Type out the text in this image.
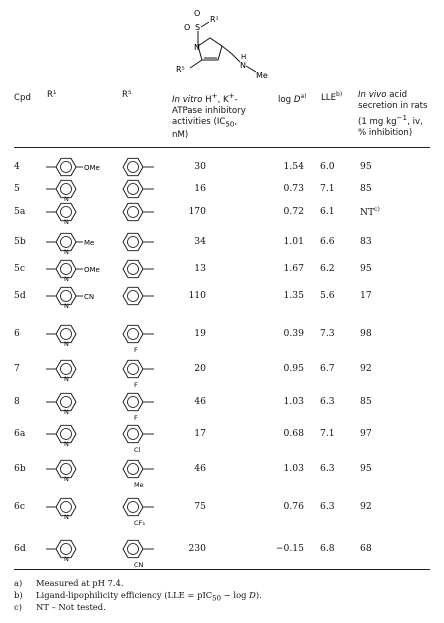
O
O S
R¹
N
R⁵	N
H
Me
Cpd R¹	R⁵	In vitro H+, K+-
ATPase inhibitory
activities ($IC_{50}$,
nM)
$\log D^{a)}$ LLE$^{b)}$ In vivo acid
secretion in rats
(1 mg $kg^{-1}$, iv,
% inhibition)
4	30	1.54 6.0	95
OMe
5	16	0.73 7.1	85
N
5a	170	0.72 6.1	NT$^{c)}$
N
5b	34	1.01 6.6	83
N
Me
5c	13	1.67 6.2	95
N
OMe
5d	110	1.35 5.6	17
N
CN
6	19	0.39 7.3	98
N
F
7	20	0.95 6.7	92
N
F
8	46	1.03 6.3	85
N
F
6a	17	0.68 7.1	97
N
Cl
6b	46	1.03 6.3	95
N
Me
6c	75	0.76 6.3	92
N
CF₃
6d	230	−0.15 6.8	68
N
CN
a) Measured at pH 7.4.
b) Ligand-lipophilicity efficiency (LLE = pIC$_{50}$ − log D).
c) NT – Not tested.
